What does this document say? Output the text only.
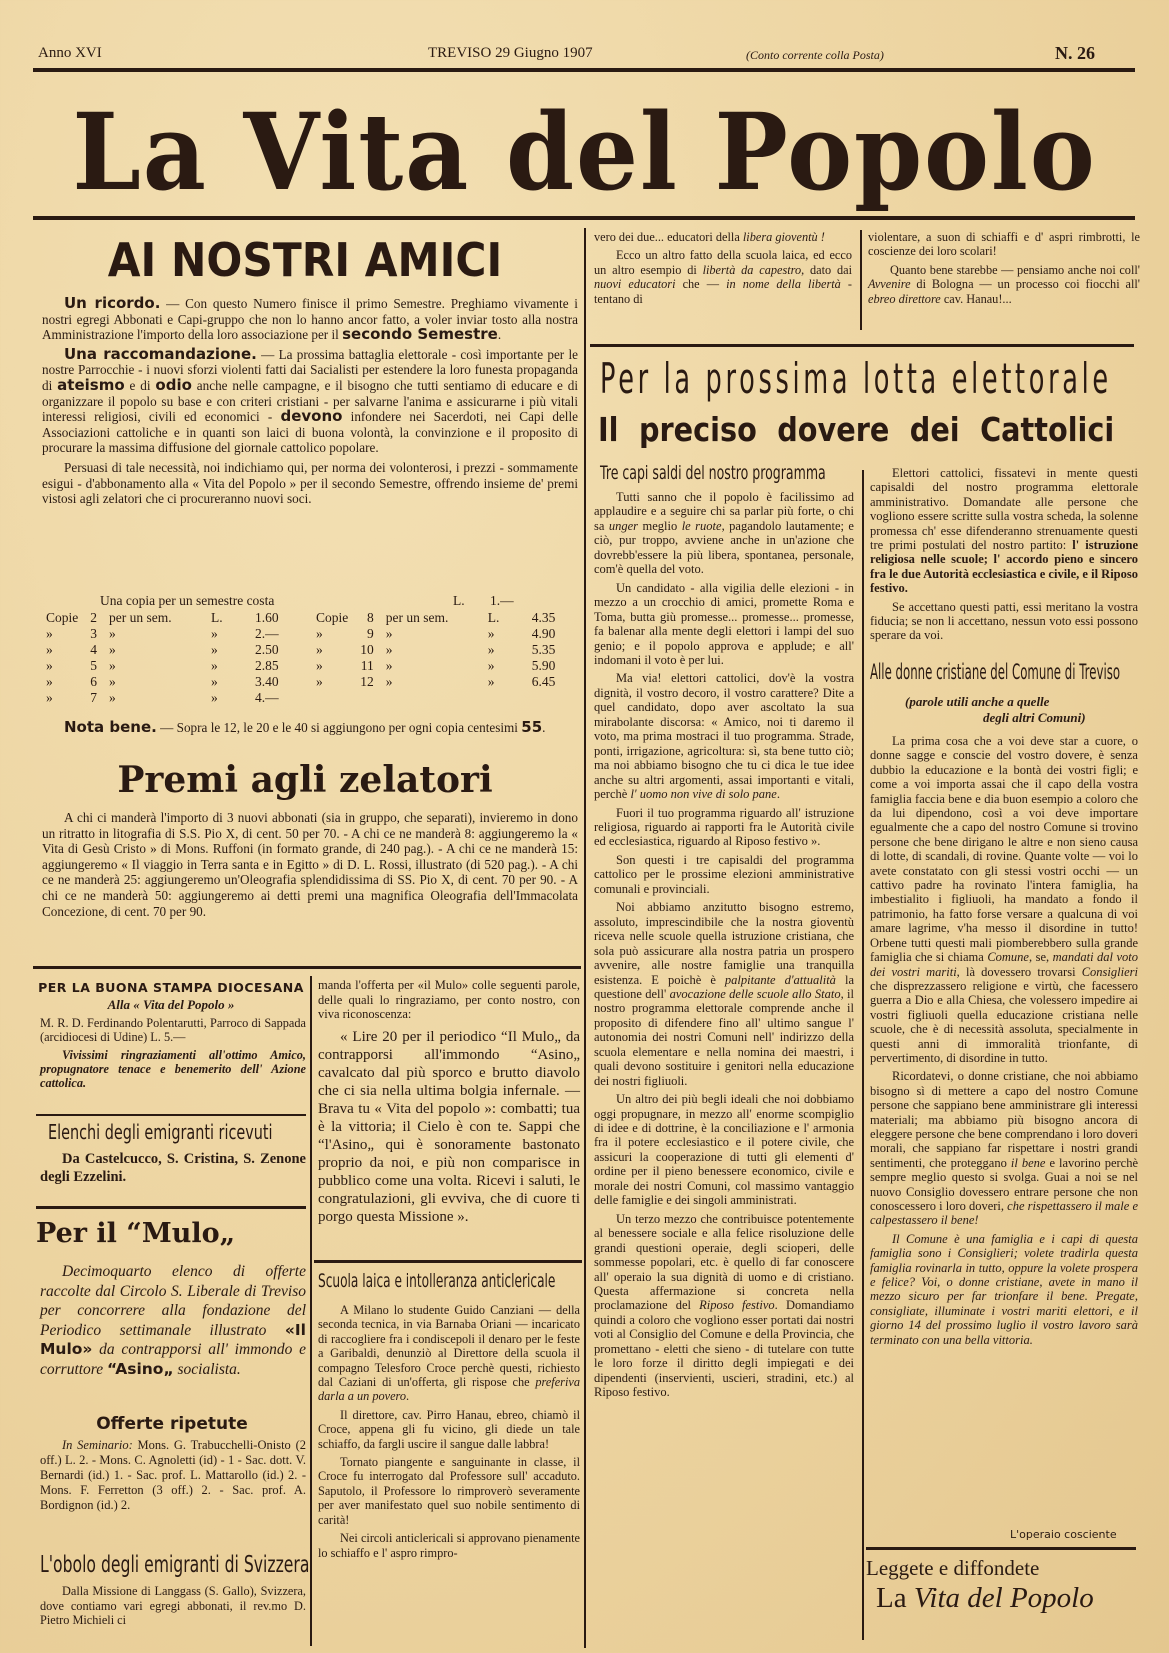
Anno XVI	TREVISO 29 Giugno 1907	(Conto corrente colla Posta)	N. 26
La Vita del Popolo
AI NOSTRI AMICI

Un ricordo. — Con questo Numero finisce il primo Semestre. Preghiamo vivamente i nostri egregi Abbonati e Capi-gruppo che non lo hanno ancor fatto, a voler inviar tosto alla nostra Amministrazione l'importo della loro associazione per il secondo Semestre.

Una raccomandazione. — La prossima battaglia elettorale - così importante per le nostre Parrocchie - i nuovi sforzi violenti fatti dai Sacialisti per estendere la loro funesta propaganda di ateismo e di odio anche nelle campagne, e il bisogno che tutti sentiamo di educare e di organizzare il popolo su base e con criteri cristiani - per salvarne l'anima e assicurarne i più vitali interessi religiosi, civili ed economici - devono infondere nei Sacerdoti, nei Capi delle Associazioni cattoliche e in quanti son laici di buona volontà, la convinzione e il proposito di procurare la massima diffusione del giornale cattolico popolare.

Persuasi di tale necessità, noi indichiamo qui, per norma dei volonterosi, i prezzi - sommamente esigui - d'abbonamento alla « Vita del Popolo » per il secondo Semestre, offrendo insieme de' premi vistosi agli zelatori che ci procureranno nuovi soci.

Una copia per un semestre costa	L. 1.—
Copie	2	per un sem.	L.	1.60
»	3	»	»	2.—
»	4	»	»	2.50
»	5	»	»	2.85
»	6	»	»	3.40
»	7	»	»	4.—
Copie	8	per un sem.	L.	4.35
»	9	»	»	4.90
»	10	»	»	5.35
»	11	»	»	5.90
»	12	»	»	6.45

Nota bene. — Sopra le 12, le 20 e le 40 si aggiungono per ogni copia centesimi 55.

Premi agli zelatori

A chi ci manderà l'importo di 3 nuovi abbonati (sia in gruppo, che separati), invieremo in dono un ritratto in litografia di S.S. Pio X, di cent. 50 per 70. - A chi ce ne manderà 8: aggiungeremo la « Vita di Gesù Cristo » di Mons. Ruffoni (in formato grande, di 240 pag.). - A chi ce ne manderà 15: aggiungeremo « Il viaggio in Terra santa e in Egitto » di D. L. Rossi, illustrato (di 520 pag.). - A chi ce ne manderà 25: aggiungeremo un'Oleografia splendidissima di SS. Pio X, di cent. 70 per 90. - A chi ce ne manderà 50: aggiungeremo ai detti premi una magnifica Oleografia dell'Immacolata Concezione, di cent. 70 per 90.

PER LA BUONA STAMPA DIOCESANA
Alla « Vita del Popolo »

M. R. D. Ferdinando Polentarutti, Parroco di Sappada (arcidiocesi di Udine) L. 5.—

Vivissimi ringraziamenti all'ottimo Amico, propugnatore tenace e benemerito dell' Azione cattolica.

Elenchi degli emigranti ricevuti

Da Castelcucco, S. Cristina, S. Zenone degli Ezzelini.

Per il “Mulo„

Decimoquarto elenco di offerte raccolte dal Circolo S. Liberale di Treviso per concorrere alla fondazione del Periodico settimanale illustrato «Il Mulo» da contrapporsi all' immondo e corruttore “Asino„ socialista.

Offerte ripetute

In Seminario: Mons. G. Trabucchelli-Onisto (2 off.) L. 2. - Mons. C. Agnoletti (id) - 1 - Sac. dott. V. Bernardi (id.) 1. - Sac. prof. L. Mattarollo (id.) 2. - Mons. F. Ferretton (3 off.) 2. - Sac. prof. A. Bordignon (id.) 2.

L'obolo degli emigranti di Svizzera

Dalla Missione di Langgass (S. Gallo), Svizzera, dove contiamo vari egregi abbonati, il rev.mo D. Pietro Michieli ci

manda l'offerta per «il Mulo» colle seguenti parole, delle quali lo ringraziamo, per conto nostro, con viva riconoscenza:

« Lire 20 per il periodico “Il Mulo„ da contrapporsi all'immondo “Asino„ cavalcato dal più sporco e brutto diavolo che ci sia nella ultima bolgia infernale. — Brava tu « Vita del popolo »: combatti; tua è la vittoria; il Cielo è con te. Sappi che “l'Asino„ qui è sonoramente bastonato proprio da noi, e più non comparisce in pubblico come una volta. Ricevi i saluti, le congratulazioni, gli evviva, che di cuore ti porgo questa Missione ».

Scuola laica e intolleranza anticlericale

A Milano lo studente Guido Canziani — della seconda tecnica, in via Barnaba Oriani — incaricato di raccogliere fra i condiscepoli il denaro per le feste a Garibaldi, denunziò al Direttore della scuola il compagno Telesforo Croce perchè questi, richiesto dal Caziani di un'offerta, gli rispose che preferiva darla a un povero.

Il direttore, cav. Pirro Hanau, ebreo, chiamò il Croce, appena gli fu vicino, gli diede un tale schiaffo, da fargli uscire il sangue dalle labbra!

Tornato piangente e sanguinante in classe, il Croce fu interrogato dal Professore sull' accaduto. Saputolo, il Professore lo rimproverò severamente per aver manifestato quel suo nobile sentimento di carità!

Nei circoli anticlericali si approvano pienamente lo schiaffo e l' aspro rimpro-

vero dei due... educatori della libera gioventù !

Ecco un altro fatto della scuola laica, ed ecco un altro esempio di libertà da capestro, dato dai nuovi educatori che — in nome della libertà - tentano di

violentare, a suon di schiaffi e d' aspri rimbrotti, le coscienze dei loro scolari!

Quanto bene starebbe — pensiamo anche noi coll' Avvenire di Bologna — un processo coi fiocchi all' ebreo direttore cav. Hanau!...

Per la prossima lotta elettorale
Il preciso dovere dei Cattolici
Tre capi saldi del nostro programma

Tutti sanno che il popolo è facilissimo ad applaudire e a seguire chi sa parlar più forte, o chi sa unger meglio le ruote, pagandolo lautamente; e ciò, pur troppo, avviene anche in un'azione che dovrebb'essere la più libera, spontanea, personale, com'è quella del voto.

Un candidato - alla vigilia delle elezioni - in mezzo a un crocchio di amici, promette Roma e Toma, butta giù promesse... promesse... promesse, fa balenar alla mente degli elettori i lampi del suo genio; e il popolo approva e applude; e all' indomani il voto è per lui.

Ma via! elettori cattolici, dov'è la vostra dignità, il vostro decoro, il vostro carattere? Dite a quel candidato, dopo aver ascoltato la sua mirabolante discorsa: « Amico, noi ti daremo il voto, ma prima mostraci il tuo programma. Strade, ponti, irrigazione, agricoltura: sì, sta bene tutto ciò; ma noi abbiamo bisogno che tu ci dica le tue idee anche su altri argomenti, assai importanti e vitali, perchè l' uomo non vive di solo pane.

Fuori il tuo programma riguardo all' istruzione religiosa, riguardo ai rapporti fra le Autorità civile ed ecclesiastica, riguardo al Riposo festivo ».

Son questi i tre capisaldi del programma cattolico per le prossime elezioni amministrative comunali e provinciali.

Noi abbiamo anzitutto bisogno estremo, assoluto, imprescindibile che la nostra gioventù riceva nelle scuole quella istruzione cristiana, che sola può assicurare alla nostra patria un prospero avvenire, alle nostre famiglie una tranquilla esistenza. E poichè è palpitante d'attualità la questione dell' avocazione delle scuole allo Stato, il nostro programma elettorale comprende anche il proposito di difendere fino all' ultimo sangue l' autonomia dei nostri Comuni nell' indirizzo della scuola elementare e nella nomina dei maestri, i quali devono sostituire i genitori nella educazione dei nostri figliuoli.

Un altro dei più begli ideali che noi dobbiamo oggi propugnare, in mezzo all' enorme scompiglio di idee e di dottrine, è la conciliazione e l' armonia fra il potere ecclesiastico e il potere civile, che assicuri la cooperazione di tutti gli elementi d' ordine per il pieno benessere economico, civile e morale dei nostri Comuni, col massimo vantaggio delle famiglie e dei singoli amministrati.

Un terzo mezzo che contribuisce potentemente al benessere sociale e alla felice risoluzione delle grandi questioni operaie, degli scioperi, delle sommesse popolari, etc. è quello di far conoscere all' operaio la sua dignità di uomo e di cristiano. Questa affermazione si concreta nella proclamazione del Riposo festivo. Domandiamo quindi a coloro che vogliono esser portati dai nostri voti al Consiglio del Comune e della Provincia, che promettano - eletti che sieno - di tutelare con tutte le loro forze il diritto degli impiegati e dei dipendenti (inservienti, uscieri, stradini, etc.) al Riposo festivo.

Elettori cattolici, fissatevi in mente questi capisaldi del nostro programma elettorale amministrativo. Domandate alle persone che vogliono essere scritte sulla vostra scheda, la solenne promessa ch' esse difenderanno strenuamente questi tre primi postulati del nostro partito: l' istruzione religiosa nelle scuole; l' accordo pieno e sincero fra le due Autorità ecclesiastica e civile, e il Riposo festivo.

Se accettano questi patti, essi meritano la vostra fiducia; se non li accettano, nessun voto essi possono sperare da voi.

Alle donne cristiane del Comune di Treviso
(parole utili anche a quelle
degli altri Comuni)

La prima cosa che a voi deve star a cuore, o donne sagge e conscie del vostro dovere, è senza dubbio la educazione e la bontà dei vostri figli; e come a voi importa assai che il capo della vostra famiglia faccia bene e dia buon esempio a coloro che da lui dipendono, così a voi deve importare egualmente che a capo del nostro Comune si trovino persone che bene dirigano le altre e non sieno causa di lotte, di scandali, di rovine. Quante volte — voi lo avete constatato con gli stessi vostri occhi — un cattivo padre ha rovinato l'intera famiglia, ha imbestialito i figliuoli, ha mandato a fondo il patrimonio, ha fatto forse versare a qualcuna di voi amare lagrime, v'ha messo il disordine in tutto! Orbene tutti questi mali piomberebbero sulla grande famiglia che si chiama Comune, se, mandati dal voto dei vostri mariti, là dovessero trovarsi Consiglieri che disprezzassero religione e virtù, che facessero guerra a Dio e alla Chiesa, che volessero impedire ai vostri figliuoli quella educazione cristiana nelle scuole, che è di necessità assoluta, specialmente in questi anni di immoralità trionfante, di pervertimento, di disordine in tutto.

Ricordatevi, o donne cristiane, che noi abbiamo bisogno sì di mettere a capo del nostro Comune persone che sappiano bene amministrare gli interessi materiali; ma abbiamo più bisogno ancora di eleggere persone che bene comprendano i loro doveri morali, che sappiano far rispettare i nostri grandi sentimenti, che proteggano il bene e lavorino perchè sempre meglio questo si svolga. Guai a noi se nel nuovo Consiglio dovessero entrare persone che non conoscessero i loro doveri, che rispettassero il male e calpestassero il bene!

Il Comune è una famiglia e i capi di questa famiglia sono i Consiglieri; volete tradirla questa famiglia rovinarla in tutto, oppure la volete prospera e felice? Voi, o donne cristiane, avete in mano il mezzo sicuro per far trionfare il bene. Pregate, consigliate, illuminate i vostri mariti elettori, e il giorno 14 del prossimo luglio il vostro lavoro sarà terminato con una bella vittoria.

L'operaio cosciente
Leggete e diffondete
La Vita del Popolo
